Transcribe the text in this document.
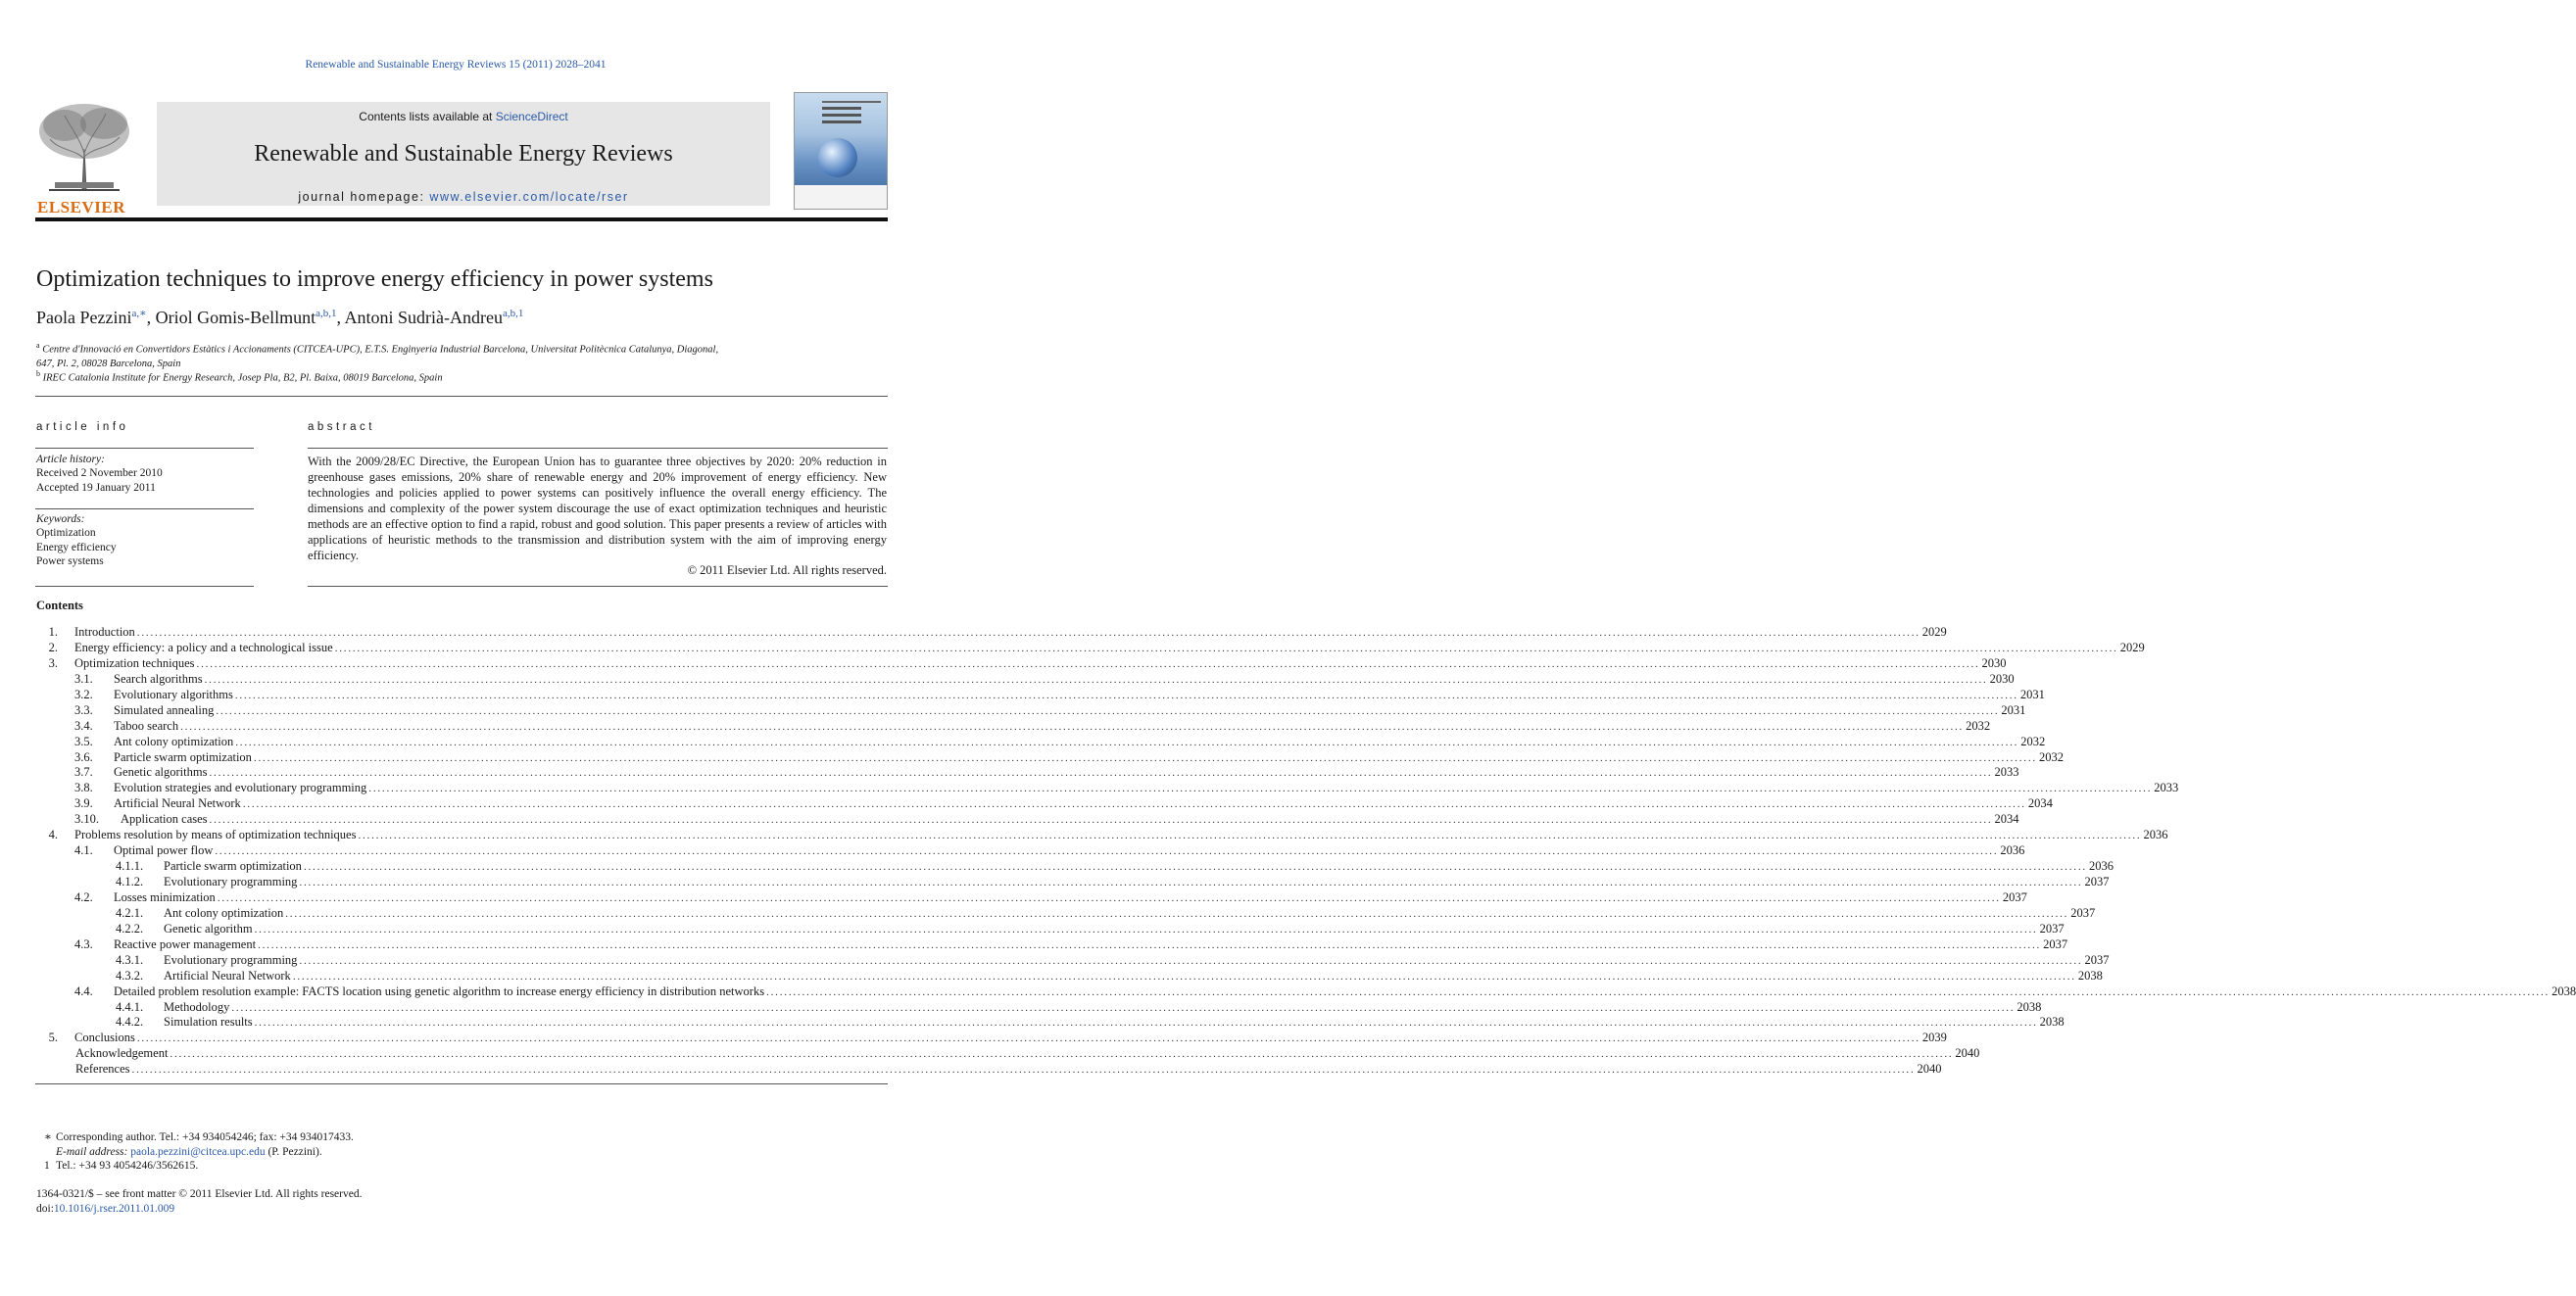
Renewable and Sustainable Energy Reviews 15 (2011) 2028–2041
ELSEVIER
Contents lists available at ScienceDirect
Renewable and Sustainable Energy Reviews
journal homepage: www.elsevier.com/locate/rser
Optimization techniques to improve energy efficiency in power systems
Paola Pezzini$^{a,∗}$, Oriol Gomis-Bellmunt$^{a,b,1}$, Antoni Sudrià-Andreu$^{a,b,1}$
$^a$ Centre d'Innovació en Convertidors Estàtics i Accionaments (CITCEA-UPC), E.T.S. Enginyeria Industrial Barcelona, Universitat Politècnica Catalunya, Diagonal,
647, Pl. 2, 08028 Barcelona, Spain
$^b$ IREC Catalonia Institute for Energy Research, Josep Pla, B2, Pl. Baixa, 08019 Barcelona, Spain
article info
Article history:
Received 2 November 2010
Accepted 19 January 2011
Keywords:
Optimization
Energy efficiency
Power systems
abstract
With the 2009/28/EC Directive, the European Union has to guarantee three objectives by 2020: 20% reduction in greenhouse gases emissions, 20% share of renewable energy and 20% improvement of energy efficiency. New technologies and policies applied to power systems can positively influence the overall energy efficiency. The dimensions and complexity of the power system discourage the use of exact optimization techniques and heuristic methods are an effective option to find a rapid, robust and good solution. This paper presents a review of articles with applications of heuristic methods to the transmission and distribution system with the aim of improving energy efficiency.
© 2011 Elsevier Ltd. All rights reserved.
Contents
1. Introduction ................................................................................................................................................................................................................................................................................................................................................................................................................ 2029
2. Energy efficiency: a policy and a technological issue ................................................................................................................................................................................................................................................................................................................................................................................................................ 2029
3. Optimization techniques ................................................................................................................................................................................................................................................................................................................................................................................................................ 2030
3.1. Search algorithms ................................................................................................................................................................................................................................................................................................................................................................................................................ 2030
3.2. Evolutionary algorithms ................................................................................................................................................................................................................................................................................................................................................................................................................ 2031
3.3. Simulated annealing ................................................................................................................................................................................................................................................................................................................................................................................................................ 2031
3.4. Taboo search ................................................................................................................................................................................................................................................................................................................................................................................................................ 2032
3.5. Ant colony optimization ................................................................................................................................................................................................................................................................................................................................................................................................................ 2032
3.6. Particle swarm optimization ................................................................................................................................................................................................................................................................................................................................................................................................................ 2032
3.7. Genetic algorithms ................................................................................................................................................................................................................................................................................................................................................................................................................ 2033
3.8. Evolution strategies and evolutionary programming ................................................................................................................................................................................................................................................................................................................................................................................................................ 2033
3.9. Artificial Neural Network ................................................................................................................................................................................................................................................................................................................................................................................................................ 2034
3.10. Application cases ................................................................................................................................................................................................................................................................................................................................................................................................................ 2034
4. Problems resolution by means of optimization techniques ................................................................................................................................................................................................................................................................................................................................................................................................................ 2036
4.1. Optimal power flow ................................................................................................................................................................................................................................................................................................................................................................................................................ 2036
4.1.1. Particle swarm optimization ................................................................................................................................................................................................................................................................................................................................................................................................................ 2036
4.1.2. Evolutionary programming ................................................................................................................................................................................................................................................................................................................................................................................................................ 2037
4.2. Losses minimization ................................................................................................................................................................................................................................................................................................................................................................................................................ 2037
4.2.1. Ant colony optimization ................................................................................................................................................................................................................................................................................................................................................................................................................ 2037
4.2.2. Genetic algorithm ................................................................................................................................................................................................................................................................................................................................................................................................................ 2037
4.3. Reactive power management ................................................................................................................................................................................................................................................................................................................................................................................................................ 2037
4.3.1. Evolutionary programming ................................................................................................................................................................................................................................................................................................................................................................................................................ 2037
4.3.2. Artificial Neural Network ................................................................................................................................................................................................................................................................................................................................................................................................................ 2038
4.4. Detailed problem resolution example: FACTS location using genetic algorithm to increase energy efficiency in distribution networks ................................................................................................................................................................................................................................................................................................................................................................................................................ 2038
4.4.1. Methodology ................................................................................................................................................................................................................................................................................................................................................................................................................ 2038
4.4.2. Simulation results ................................................................................................................................................................................................................................................................................................................................................................................................................ 2038
5. Conclusions ................................................................................................................................................................................................................................................................................................................................................................................................................ 2039
Acknowledgement ................................................................................................................................................................................................................................................................................................................................................................................................................ 2040
References ................................................................................................................................................................................................................................................................................................................................................................................................................ 2040
∗ Corresponding author. Tel.: +34 934054246; fax: +34 934017433.
E-mail address: paola.pezzini@citcea.upc.edu (P. Pezzini).
1 Tel.: +34 93 4054246/3562615.
1364-0321/$ – see front matter © 2011 Elsevier Ltd. All rights reserved.
doi:10.1016/j.rser.2011.01.009
